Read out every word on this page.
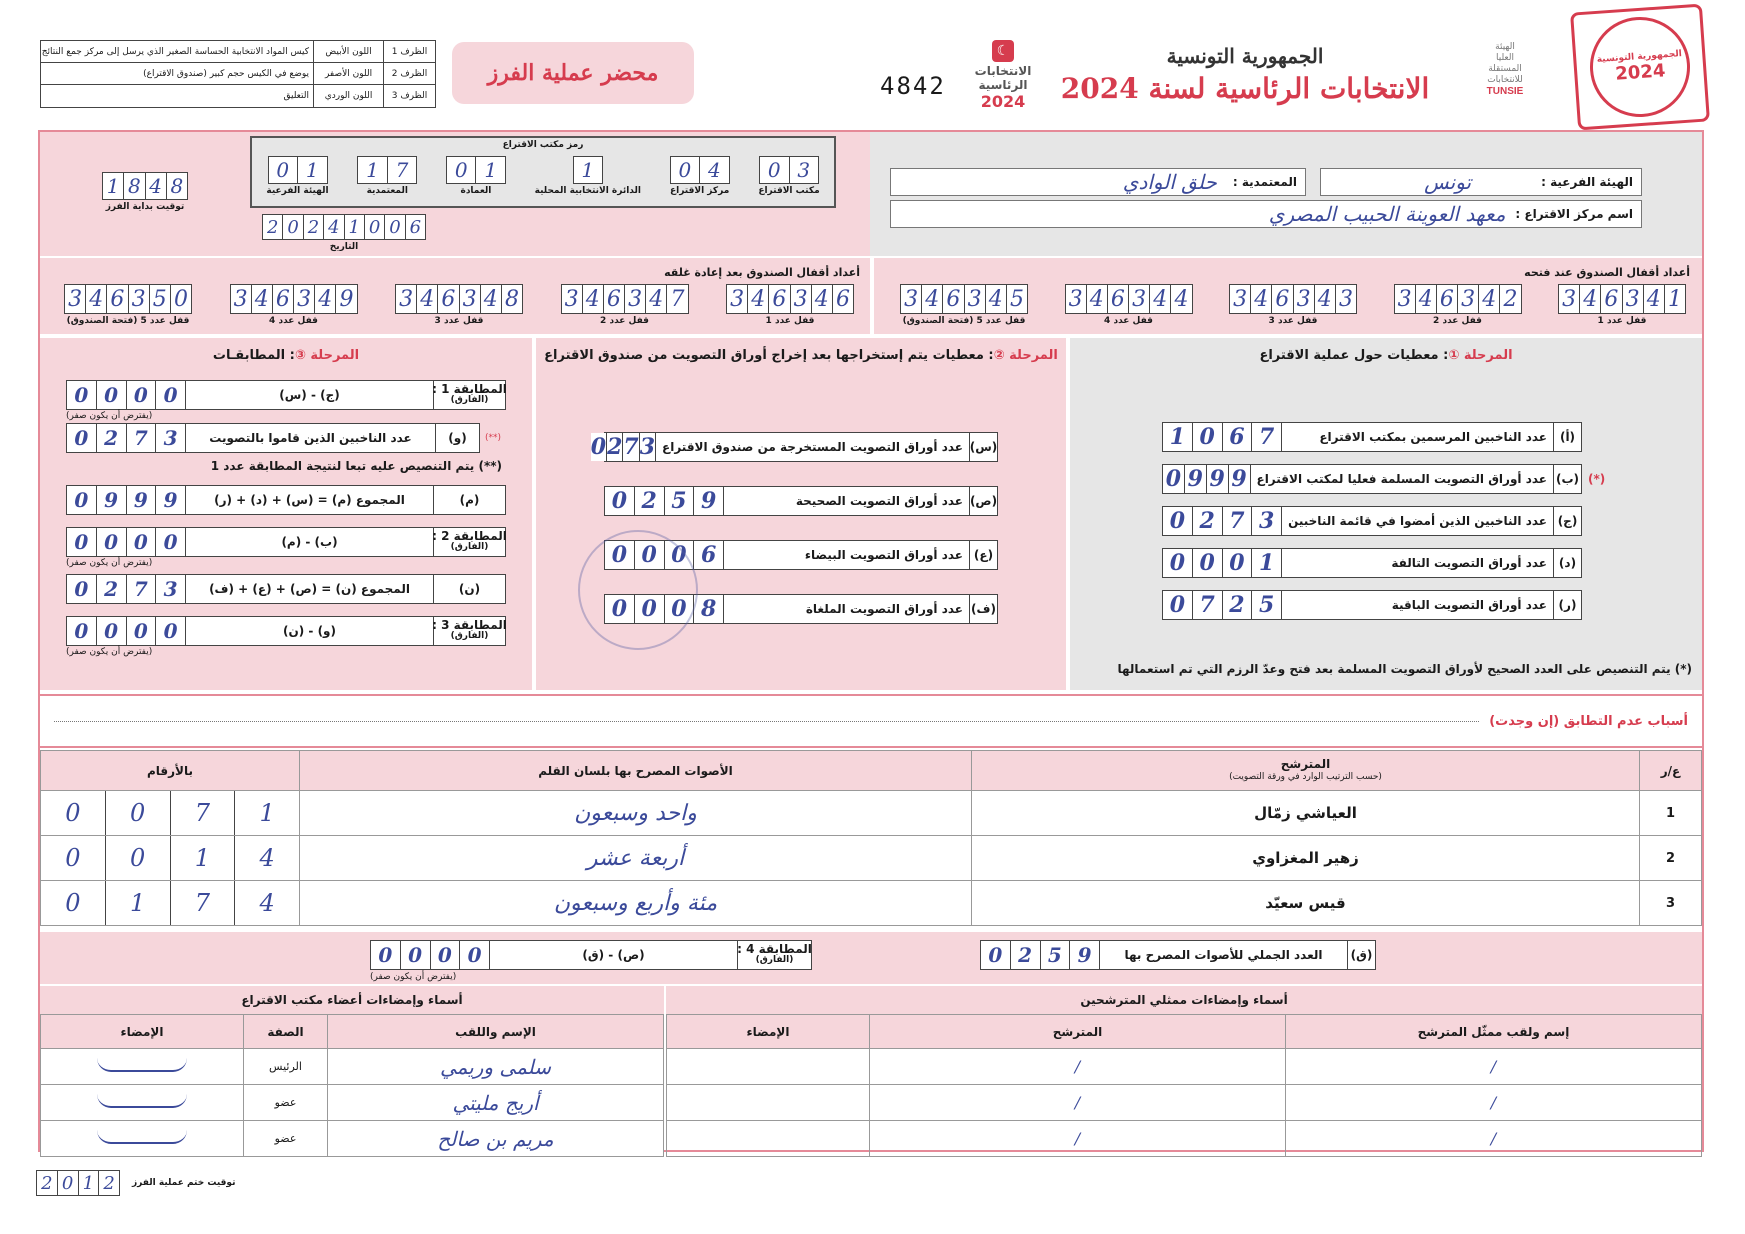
الظرف 1
اللون الأبيض
كيس المواد الانتخابية الحساسة الصغير الذي يرسل إلى مركز جمع النتائج
الظرف 2
اللون الأصفر
يوضع في الكيس حجم كبير (صندوق الاقتراع)
الظرف 3
اللون الوردي
التعليق
محضر عملية الفرز	4842
☾
الانتخابات
الرئاسية
2024
الجمهورية التونسية
الانتخابات الرئاسية لسنة 2024
الهيئة
العليا
المستقلة
للانتخابات
TUNSIE
الجمهورية التونسية
2024
الهيئة الفرعية :
تونس
المعتمدية :
حلق الوادي
اسم مركز الاقتراع :
معهد العوينة الحبيب المصري
رمز مكتب الاقتراع
0 3
مكتب الاقتراع
0 4
مركز الاقتراع
1
الدائرة الانتخابية المحلية
0 1
العمادة
1 7
المعتمدية
0 1
الهيئة الفرعية
2 0 2 4 1 0 0 6
التاريخ
1 8 4 8
توقيت بداية الفرز
أعداد أقفال الصندوق بعد إعادة غلقه	أعداد أقفال الصندوق عند فتحه
3 4 6 3 4 6
قفل عدد 1
3 4 6 3 4 7
قفل عدد 2
3 4 6 3 4 8
قفل عدد 3
3 4 6 3 4 9
قفل عدد 4
3 4 6 3 5 0
قفل عدد 5 (فتحة الصندوق)
3 4 6 3 4 1
قفل عدد 1
3 4 6 3 4 2
قفل عدد 2
3 4 6 3 4 3
قفل عدد 3
3 4 6 3 4 4
قفل عدد 4
3 4 6 3 4 5
قفل عدد 5 (فتحة الصندوق)
المرحلة ①: معطيات حول عملية الاقتراع
المرحلة ②: معطيات يتم إستخراجها بعد إخراج أوراق التصويت من صندوق الاقتراع
المرحلة ③: المطابقـات
(أ)
عدد الناخبين المرسمين بمكتب الاقتراع
1 0 6 7
(ب)
عدد أوراق التصويت المسلمة فعليا لمكتب الاقتراع
0 9 9 9
(ج)
عدد الناخبين الذين أمضوا في قائمة الناخبين
0 2 7 3
(د)
عدد أوراق التصويت التالفة
0 0 0 1
(ر)
عدد أوراق التصويت الباقية
0 7 2 5
(*)
(*) يتم التنصيص على العدد الصحيح لأوراق التصويت المسلمة بعد فتح وعدّ الرزم التي تم استعمالها
(س)
عدد أوراق التصويت المستخرجة من صندوق الاقتراع
0 2 7 3
(ص)
عدد أوراق التصويت الصحيحة
0 2 5 9
(ع)
عدد أوراق التصويت البيضاء
0 0 0 6
(ف)
عدد أوراق التصويت الملغاة
0 0 0 8
المطابقة 1 :
(الفارق)
(ج) - (س)
0 0 0 0
(يفترض أن يكون صفر)
(**)
(و)
عدد الناخبين الذين قاموا بالتصويت
0 2 7 3
(**) يتم التنصيص عليه تبعا لنتيجة المطابقة عدد 1
(م)
المجموع (م) = (س) + (د) + (ر)
0 9 9 9
المطابقة 2 :
(الفارق)
(ب) - (م)
0 0 0 0
(يفترض أن يكون صفر)
(ن)
المجموع (ن) = (ص) + (ع) + (ف)
0 2 7 3
المطابقة 3 :
(الفارق)
(و) - (ن)
0 0 0 0
(يفترض أن يكون صفر)
أسباب عدم التطابق (إن وجدت)
ع/ر	المترشح
(حسب الترتيب الوارد في ورقة التصويت)	الأصوات المصرح بها بلسان القلم	بالأرقام
1	العياشي زمّال	واحد وسبعون	0 0 7 1

2	زهير المغزاوي	أربعة عشر	0 0 1 4

3	قيس سعيّد	مئة وأربع وسبعون	0 1 7 4
(ق)
العدد الجملي للأصوات المصرح بها
0 2 5 9
المطابقة 4 :
(الفارق)
(ص) - (ق)
0 0 0 0
(يفترض أن يكون صفر)
أسماء وإمضاءات ممثلي المترشحين
إسم ولقب ممثّل المترشح	المترشح	الإمضاء
/	/	
/	/	
/	/	
أسماء وإمضاءات أعضاء مكتب الاقتراع
الإسم واللقب	الصفة	الإمضاء
سلمى وريمي	الرئيس	
أريج مليتي	عضو	
مريم بن صالح	عضو	
2 0 1 2	توقيت ختم عملية الفرز
